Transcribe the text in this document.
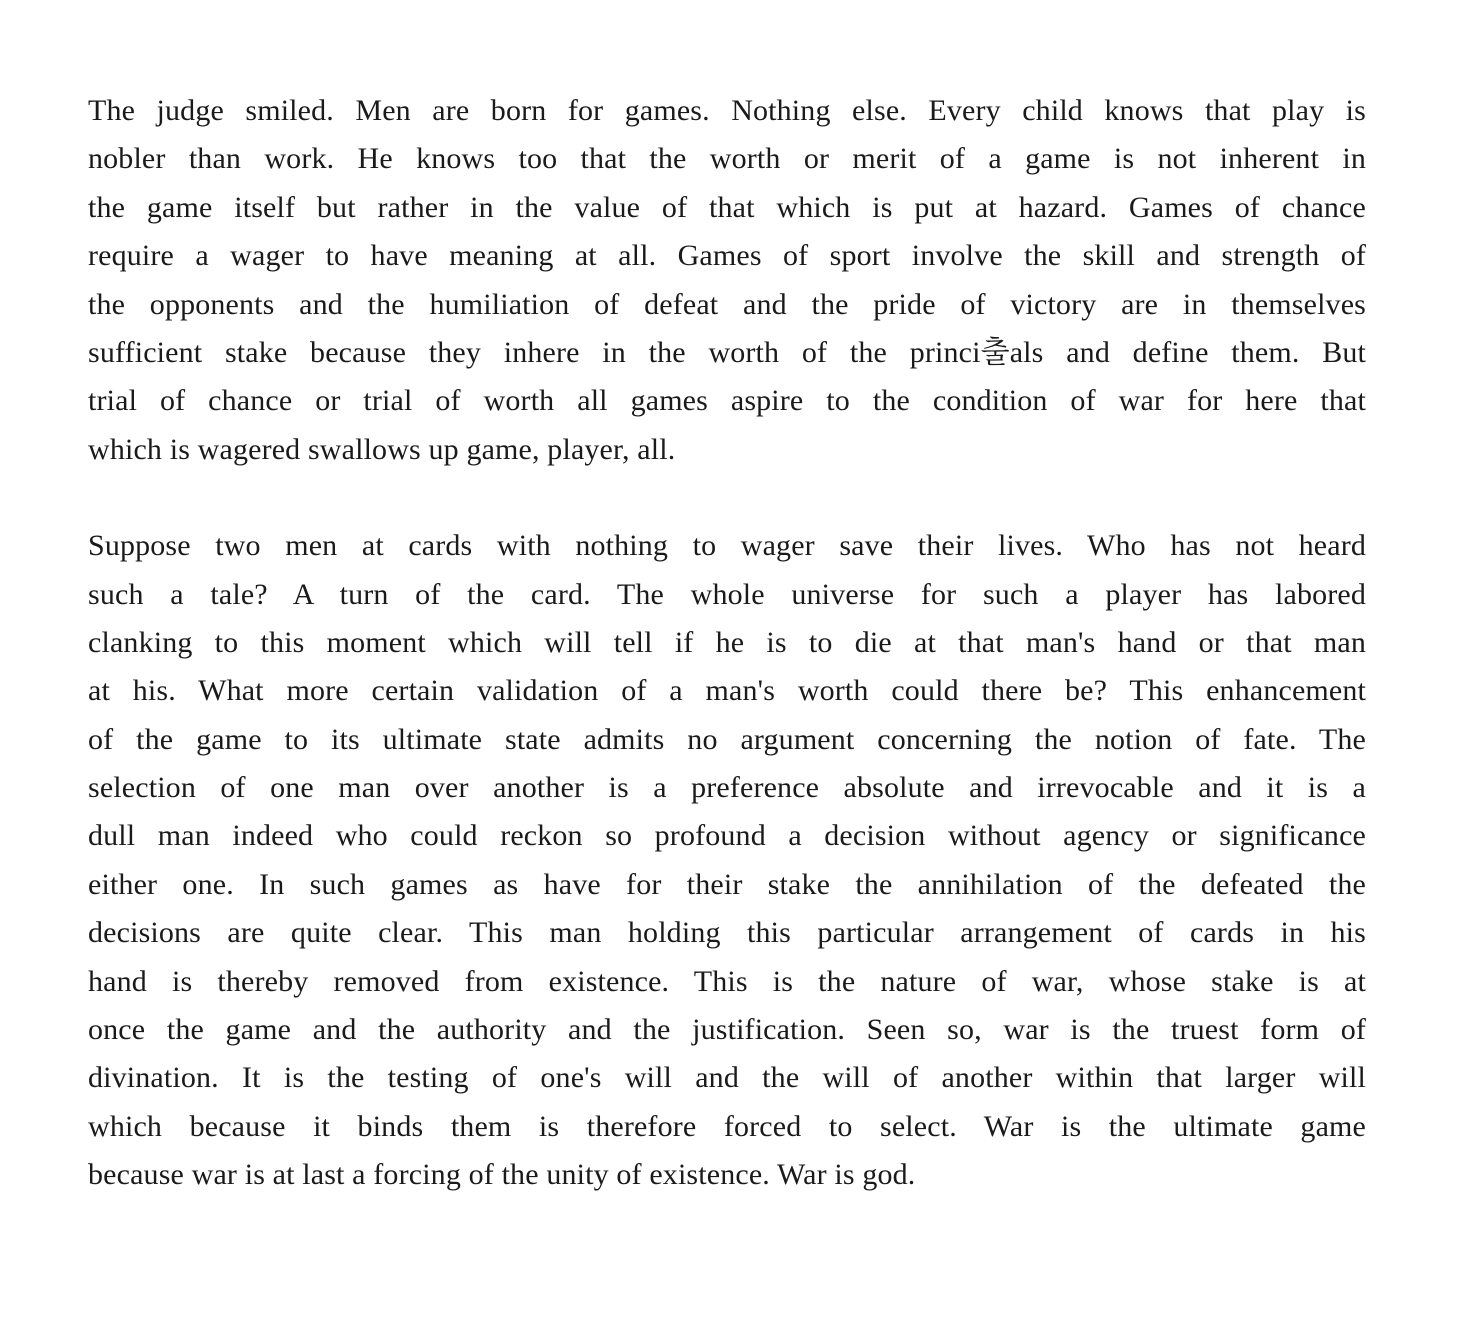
The judge smiled. Men are born for games. Nothing else. Every child knows that play is
nobler than work. He knows too that the worth or merit of a game is not inherent in
the game itself but rather in the value of that which is put at hazard. Games of chance
require a wager to have meaning at all. Games of sport involve the skill and strength of
the opponents and the humiliation of defeat and the pride of victory are in themselves
sufficient stake because they inhere in the worth of the princi출als and define them. But
trial of chance or trial of worth all games aspire to the condition of war for here that
which is wagered swallows up game, player, all.
Suppose two men at cards with nothing to wager save their lives. Who has not heard
such a tale? A turn of the card. The whole universe for such a player has labored
clanking to this moment which will tell if he is to die at that man's hand or that man
at his. What more certain validation of a man's worth could there be? This enhancement
of the game to its ultimate state admits no argument concerning the notion of fate. The
selection of one man over another is a preference absolute and irrevocable and it is a
dull man indeed who could reckon so profound a decision without agency or significance
either one. In such games as have for their stake the annihilation of the defeated the
decisions are quite clear. This man holding this particular arrangement of cards in his
hand is thereby removed from existence. This is the nature of war, whose stake is at
once the game and the authority and the justification. Seen so, war is the truest form of
divination. It is the testing of one's will and the will of another within that larger will
which because it binds them is therefore forced to select. War is the ultimate game
because war is at last a forcing of the unity of existence. War is god.
